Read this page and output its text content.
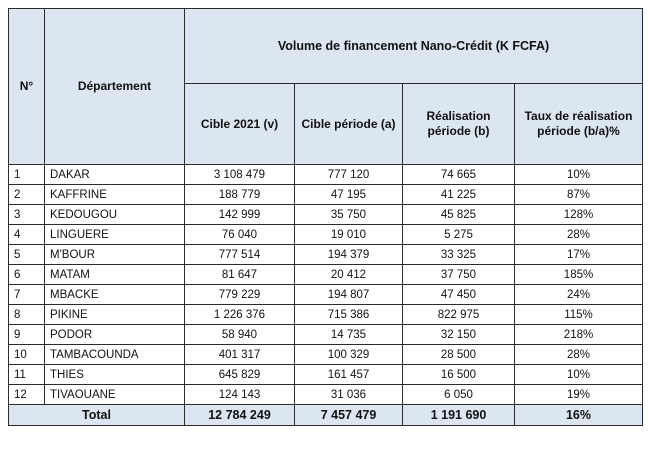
N°	Département	Volume de financement Nano-Crédit (K FCFA)			
		Cible 2021 (v)	Cible période (a)	Réalisation période (b)	Taux de réalisation période (b/a)%
1	DAKAR	3 108 479	777 120	74 665	10%
2	KAFFRINE	188 779	47 195	41 225	87%
3	KEDOUGOU	142 999	35 750	45 825	128%
4	LINGUERE	76 040	19 010	5 275	28%
5	M'BOUR	777 514	194 379	33 325	17%
6	MATAM	81 647	20 412	37 750	185%
7	MBACKE	779 229	194 807	47 450	24%
8	PIKINE	1 226 376	715 386	822 975	115%
9	PODOR	58 940	14 735	32 150	218%
10	TAMBACOUNDA	401 317	100 329	28 500	28%
11	THIES	645 829	161 457	16 500	10%
12	TIVAOUANE	124 143	31 036	6 050	19%
Total		12 784 249	7 457 479	1 191 690	16%
